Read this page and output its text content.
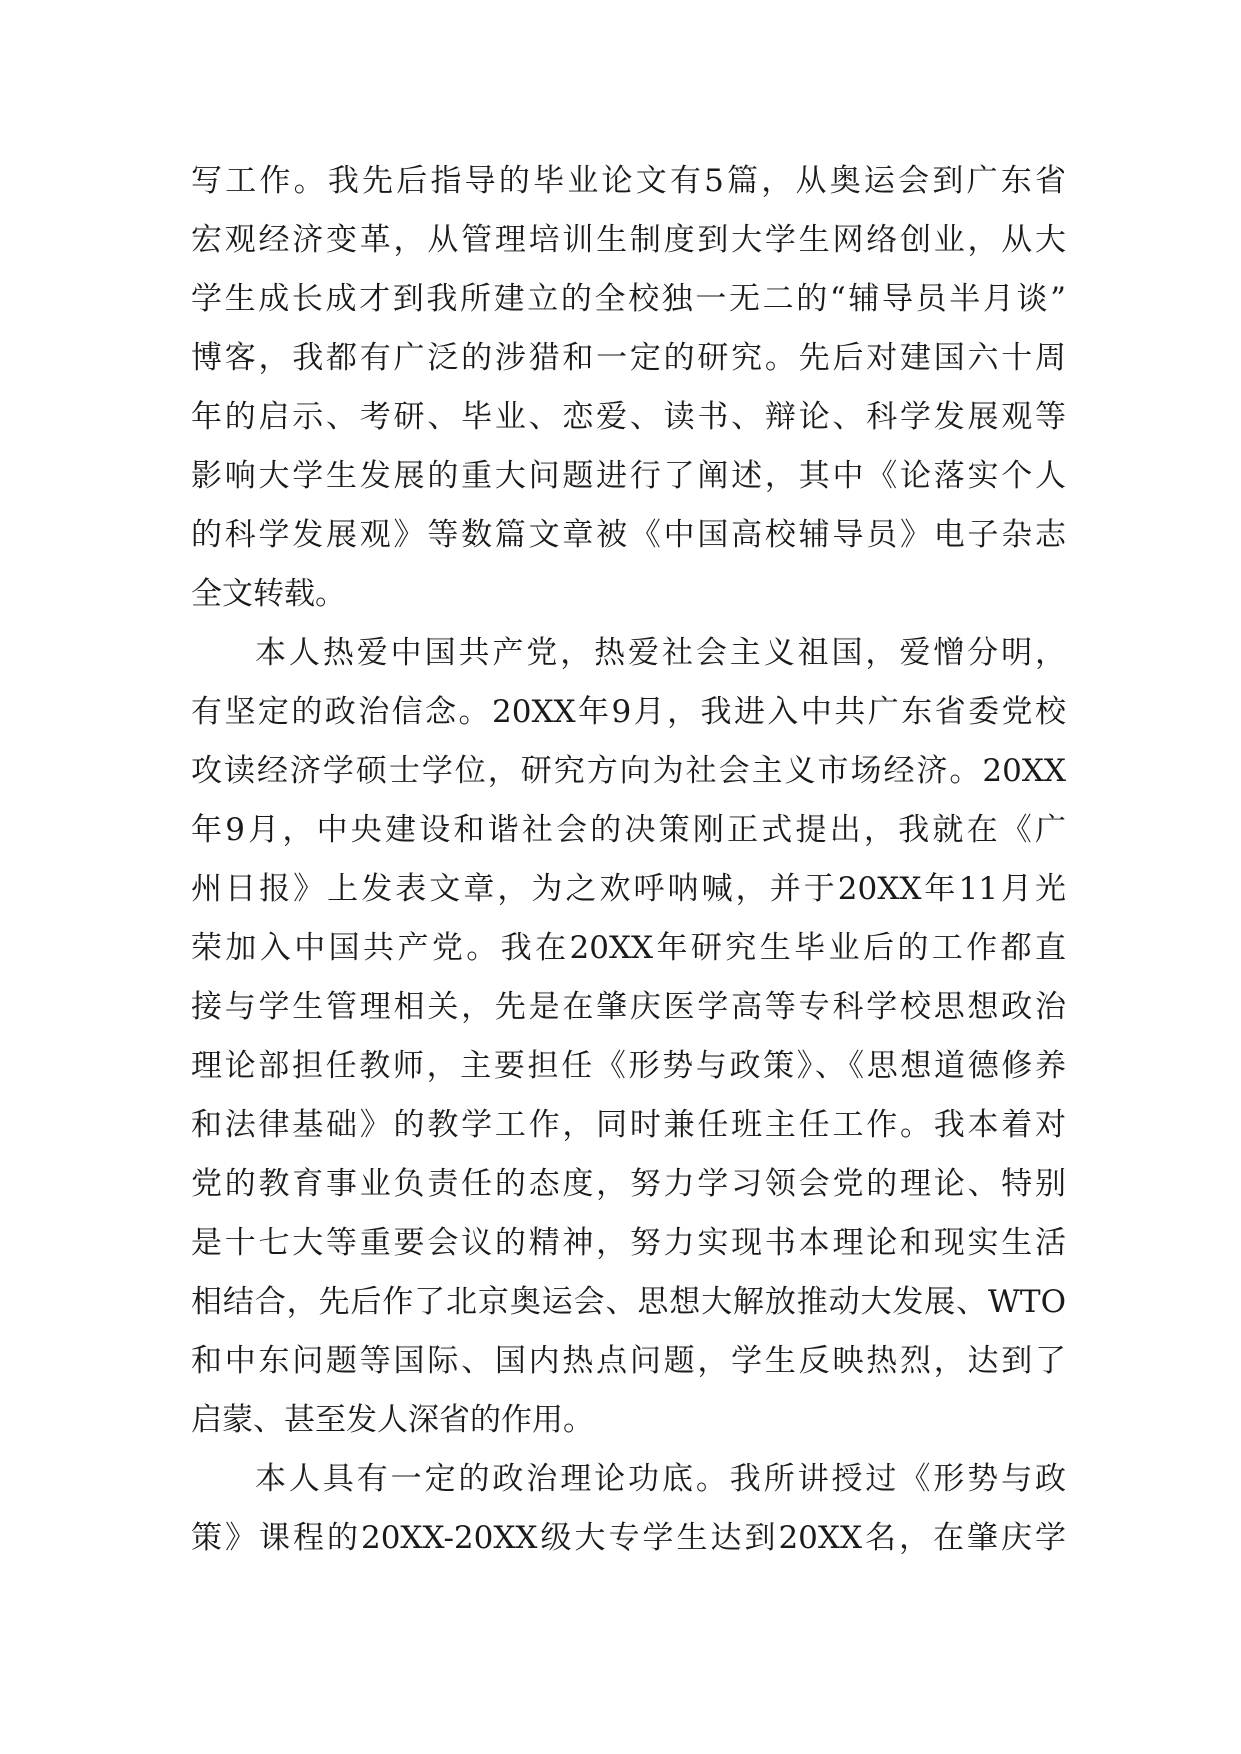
写工作。我先后指导的毕业论文有5篇，从奥运会到广东省
宏观经济变革，从管理培训生制度到大学生网络创业，从大
学生成长成才到我所建立的全校独一无二的“辅导员半月谈”
博客，我都有广泛的涉猎和一定的研究。先后对建国六十周
年的启示、考研、毕业、恋爱、读书、辩论、科学发展观等
影响大学生发展的重大问题进行了阐述，其中《论落实个人
的科学发展观》等数篇文章被《中国高校辅导员》电子杂志
全文转载。
本人热爱中国共产党，热爱社会主义祖国，爱憎分明，
有坚定的政治信念。20XX年9月，我进入中共广东省委党校
攻读经济学硕士学位，研究方向为社会主义市场经济。20XX
年9月，中央建设和谐社会的决策刚正式提出，我就在《广
州日报》上发表文章，为之欢呼呐喊，并于20XX年11月光
荣加入中国共产党。我在20XX年研究生毕业后的工作都直
接与学生管理相关，先是在肇庆医学高等专科学校思想政治
理论部担任教师，主要担任《形势与政策》、《思想道德修养
和法律基础》的教学工作，同时兼任班主任工作。我本着对
党的教育事业负责任的态度，努力学习领会党的理论、特别
是十七大等重要会议的精神，努力实现书本理论和现实生活
相结合，先后作了北京奥运会、思想大解放推动大发展、WTO
和中东问题等国际、国内热点问题，学生反映热烈，达到了
启蒙、甚至发人深省的作用。
本人具有一定的政治理论功底。我所讲授过《形势与政
策》课程的20XX-20XX级大专学生达到20XX名，在肇庆学
